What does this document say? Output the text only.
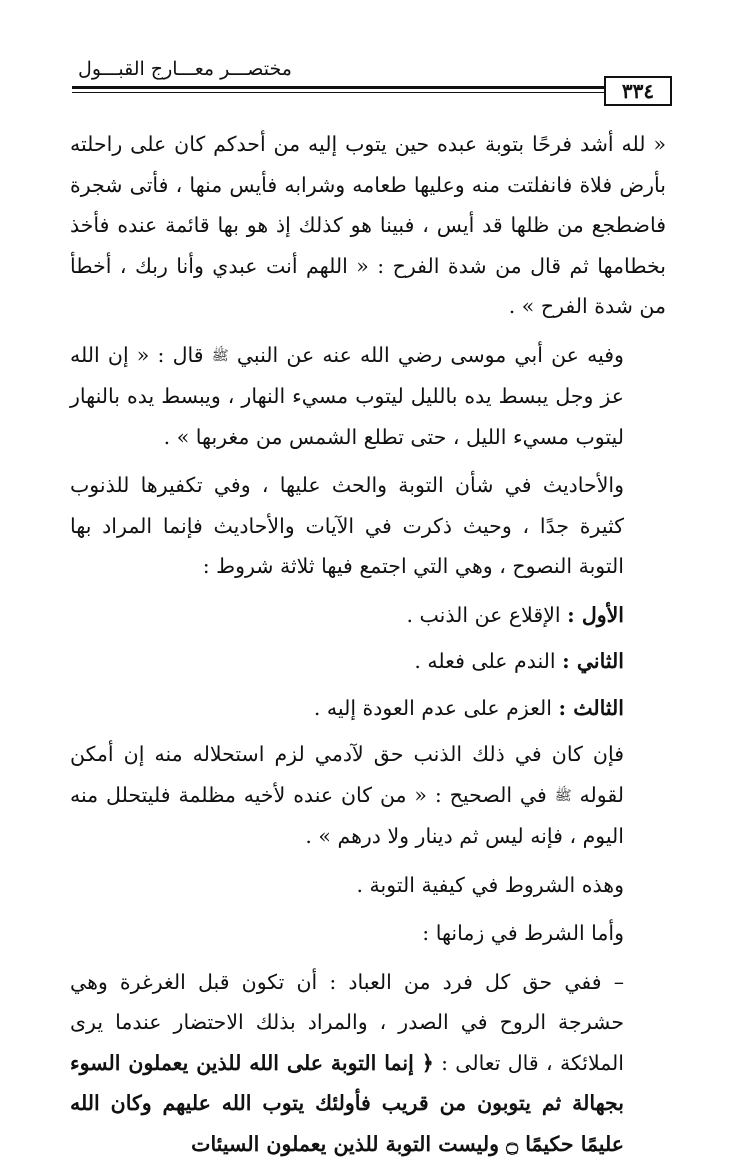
مختصـــر معـــارج القبـــول
٣٣٤

« لله أشد فرحًا بتوبة عبده حين يتوب إليه من أحدكم كان على راحلته بأرض فلاة فانفلتت منه وعليها طعامه وشرابه فأيس منها ، فأتى شجرة فاضطجع من ظلها قد أيس ، فبينا هو كذلك إذ هو بها قائمة عنده فأخذ بخطامها ثم قال من شدة الفرح : « اللهم أنت عبدي وأنا ربك ، أخطأ من شدة الفرح » .

وفيه عن أبي موسى رضي الله عنه عن النبي ﷺ قال : « إن الله عز وجل يبسط يده بالليل ليتوب مسيء النهار ، ويبسط يده بالنهار ليتوب مسيء الليل ، حتى تطلع الشمس من مغربها » .

والأحاديث في شأن التوبة والحث عليها ، وفي تكفيرها للذنوب كثيرة جدًا ، وحيث ذكرت في الآيات والأحاديث فإنما المراد بها التوبة النصوح ، وهي التي اجتمع فيها ثلاثة شروط :

الأول : الإقلاع عن الذنب .

الثاني : الندم على فعله .

الثالث : العزم على عدم العودة إليه .

فإن كان في ذلك الذنب حق لآدمي لزم استحلاله منه إن أمكن لقوله ﷺ في الصحيح : « من كان عنده لأخيه مظلمة فليتحلل منه اليوم ، فإنه ليس ثم دينار ولا درهم » .

وهذه الشروط في كيفية التوبة .

وأما الشرط في زمانها :

– ففي حق كل فرد من العباد : أن تكون قبل الغرغرة وهي حشرجة الروح في الصدر ، والمراد بذلك الاحتضار عندما يرى الملائكة ، قال تعالى : ﴿ إنما التوبة على الله للذين يعملون السوء بجهالة ثم يتوبون من قريب فأولئك يتوب الله عليهم وكان الله عليمًا حكيمًا ۝ وليست التوبة للذين يعملون السيئات
